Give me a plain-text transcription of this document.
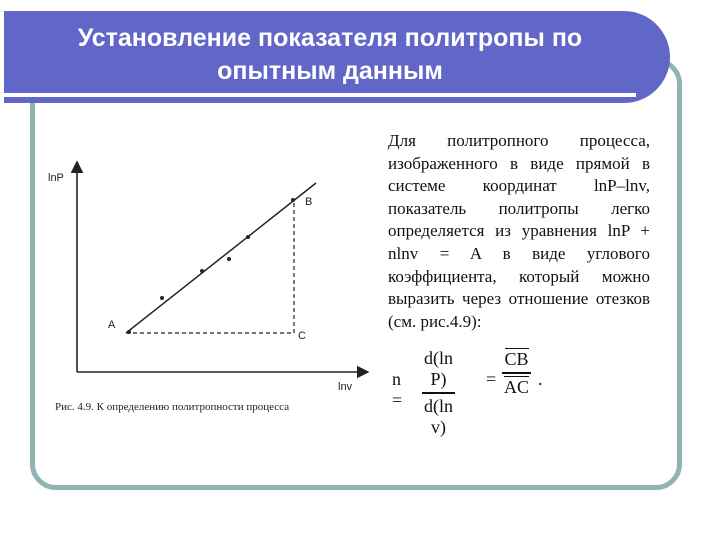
Установление показателя политропы по
опытным данным
lnP
lnv
A
B
C
Рис. 4.9. К определению политропности процесса
Для политропного процесса, изображенного в виде прямой в системе координат lnP–lnv, показатель политропы легко определяется из уравнения lnP + nlnv = A в виде углового коэффициента, который можно выразить через отношение отезков (см. рис.4.9):
n =
d(ln P)
d(ln v)
=
CB
AC .
